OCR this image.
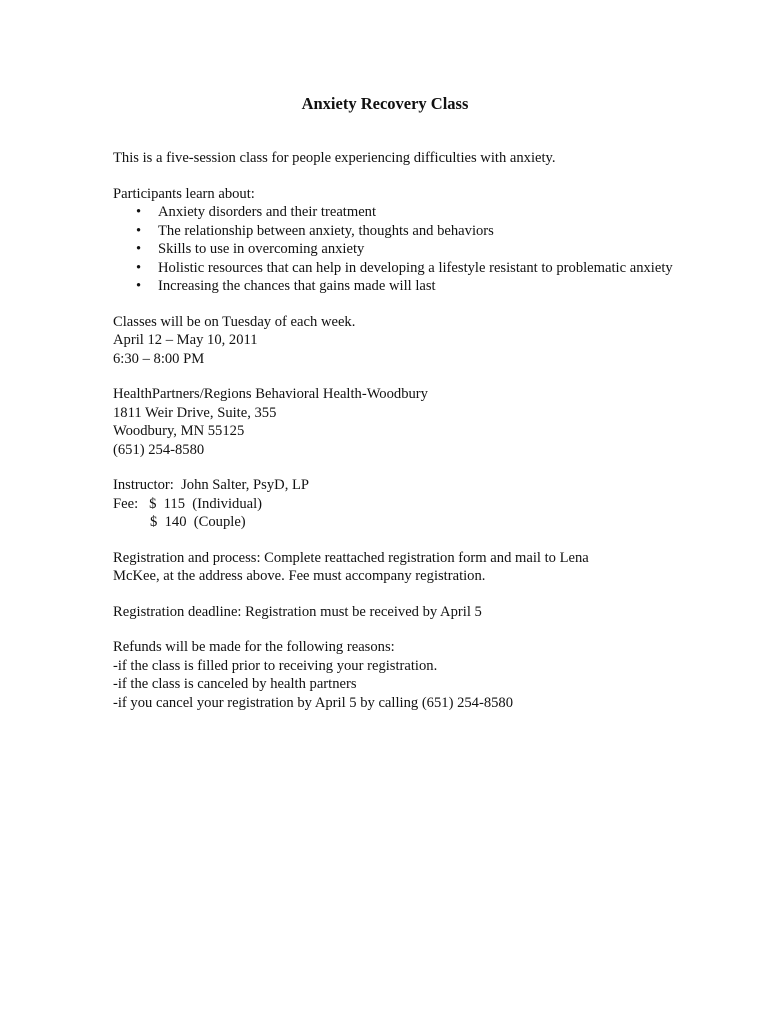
Anxiety Recovery Class

This is a five-session class for people experiencing difficulties with anxiety.

Participants learn about:

• Anxiety disorders and their treatment
• The relationship between anxiety, thoughts and behaviors
• Skills to use in overcoming anxiety
• Holistic resources that can help in developing a lifestyle resistant to problematic anxiety
• Increasing the chances that gains made will last
Classes will be on Tuesday of each week.
April 12 – May 10, 2011
6:30 – 8:00 PM
HealthPartners/Regions Behavioral Health-Woodbury
1811 Weir Drive, Suite, 355
Woodbury, MN 55125
(651) 254-8580
Instructor:  John Salter, PsyD, LP
Fee:   $  115  (Individual)
$  140  (Couple)

Registration and process: Complete reattached registration form and mail to Lena McKee, at the address above. Fee must accompany registration.

Registration deadline: Registration must be received by April 5

Refunds will be made for the following reasons:
-if the class is filled prior to receiving your registration.
-if the class is canceled by health partners
-if you cancel your registration by April 5 by calling (651) 254-8580
